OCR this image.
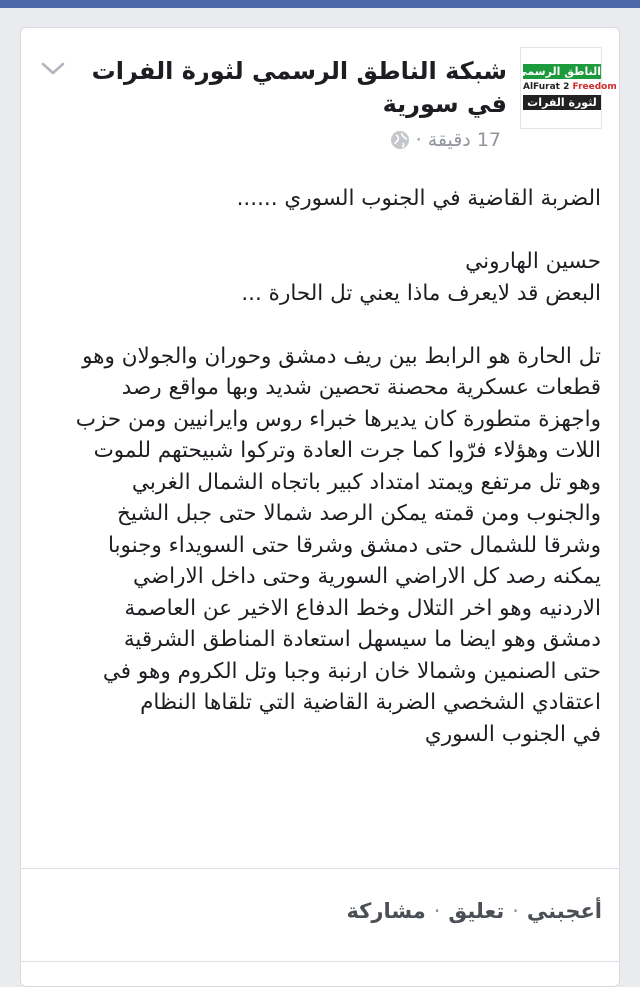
الناطق الرسمي
AlFurat 2 Freedom
لثورة الفرات
شبكة الناطق الرسمي لثورة الفرات في سورية
17 دقيقة
·
الضربة القاضية في الجنوب السوري ......
حسين الهاروني
البعض قد لايعرف ماذا يعني تل الحارة ...
تل الحارة هو الرابط بين ريف دمشق وحوران والجولان وهو
قطعات عسكرية محصنة تحصين شديد وبها مواقع رصد
واجهزة متطورة كان يديرها خبراء روس وايرانيين ومن حزب
اللات وهؤلاء فرّوا كما جرت العادة وتركوا شبيحتهم للموت
وهو تل مرتفع ويمتد امتداد كبير باتجاه الشمال الغربي
والجنوب ومن قمته يمكن الرصد شمالا حتى جبل الشيخ
وشرقا للشمال حتى دمشق وشرقا حتى السويداء وجنوبا
يمكنه رصد كل الاراضي السورية وحتى داخل الاراضي
الاردنيه وهو اخر التلال وخط الدفاع الاخير عن العاصمة
دمشق وهو ايضا ما سيسهل استعادة المناطق الشرقية
حتى الصنمين وشمالا خان ارنبة وجبا وتل الكروم وهو في
اعتقادي الشخصي الضربة القاضية التي تلقاها النظام
في الجنوب السوري
أعجبني
·
تعليق
·
مشاركة
